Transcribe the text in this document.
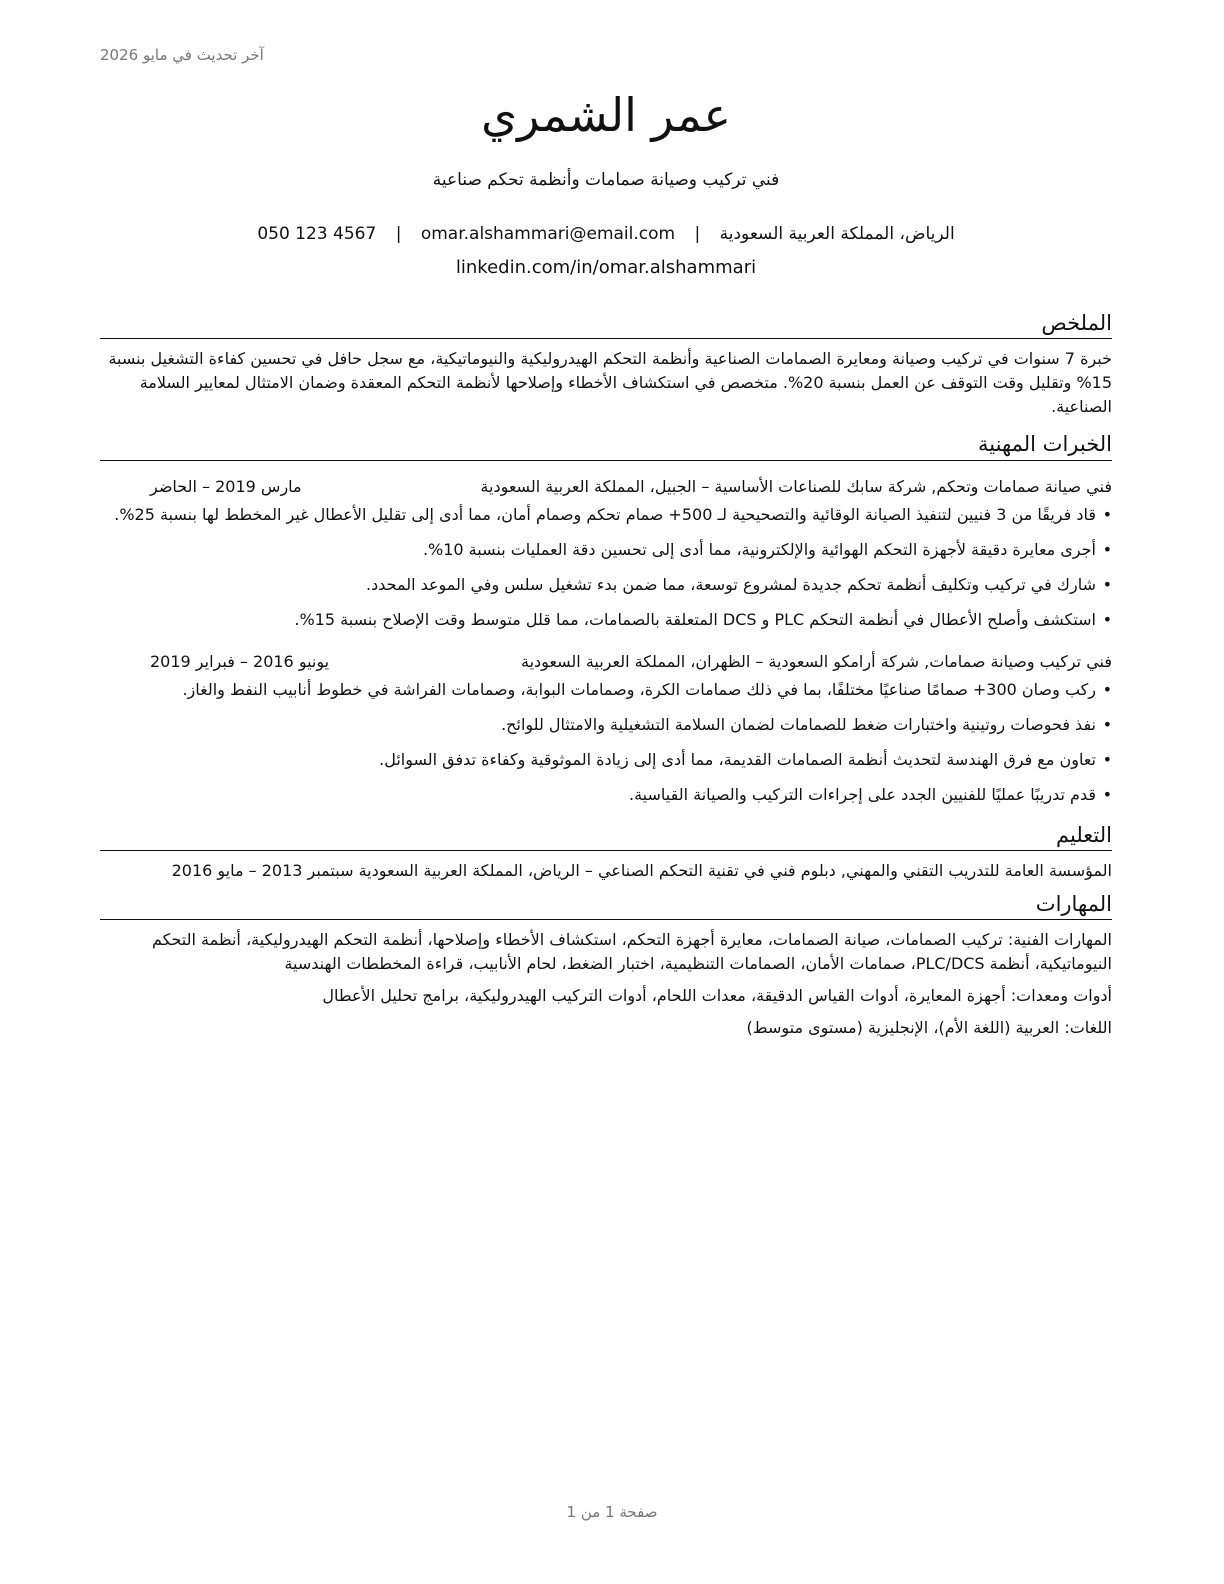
آخر تحديث في مايو 2026
عمر الشمري
فني تركيب وصيانة صمامات وأنظمة تحكم صناعية
الرياض، المملكة العربية السعودية | omar.alshammari@email.com | 050 123 4567
linkedin.com/in/omar.alshammari
الملخص

خبرة 7 سنوات في تركيب وصيانة ومعايرة الصمامات الصناعية وأنظمة التحكم الهيدروليكية والنيوماتيكية، مع سجل حافل في تحسين كفاءة التشغيل بنسبة 15% وتقليل وقت التوقف عن العمل بنسبة 20%. متخصص في استكشاف الأخطاء وإصلاحها لأنظمة التحكم المعقدة وضمان الامتثال لمعايير السلامة الصناعية.

الخبرات المهنية
فني صيانة صمامات وتحكم, شركة سابك للصناعات الأساسية – الجبيل، المملكة العربية السعودية
مارس 2019 – الحاضر
•
قاد فريقًا من 3 فنيين لتنفيذ الصيانة الوقائية والتصحيحية لـ 500+ صمام تحكم وصمام أمان، مما أدى إلى تقليل الأعطال غير المخطط لها بنسبة 25%.
•
أجرى معايرة دقيقة لأجهزة التحكم الهوائية والإلكترونية، مما أدى إلى تحسين دقة العمليات بنسبة 10%.
•
شارك في تركيب وتكليف أنظمة تحكم جديدة لمشروع توسعة، مما ضمن بدء تشغيل سلس وفي الموعد المحدد.
•
استكشف وأصلح الأعطال في أنظمة التحكم PLC و DCS المتعلقة بالصمامات، مما قلل متوسط وقت الإصلاح بنسبة 15%.
فني تركيب وصيانة صمامات, شركة أرامكو السعودية – الظهران، المملكة العربية السعودية
يونيو 2016 – فبراير 2019
•
ركب وصان 300+ صمامًا صناعيًا مختلفًا، بما في ذلك صمامات الكرة، وصمامات البوابة، وصمامات الفراشة في خطوط أنابيب النفط والغاز.
•
نفذ فحوصات روتينية واختبارات ضغط للصمامات لضمان السلامة التشغيلية والامتثال للوائح.
•
تعاون مع فرق الهندسة لتحديث أنظمة الصمامات القديمة، مما أدى إلى زيادة الموثوقية وكفاءة تدفق السوائل.
•
قدم تدريبًا عمليًا للفنيين الجدد على إجراءات التركيب والصيانة القياسية.
التعليم

المؤسسة العامة للتدريب التقني والمهني, دبلوم فني في تقنية التحكم الصناعي – الرياض، المملكة العربية السعودية سبتمبر 2013 – مايو 2016

المهارات

المهارات الفنية: تركيب الصمامات، صيانة الصمامات، معايرة أجهزة التحكم، استكشاف الأخطاء وإصلاحها، أنظمة التحكم الهيدروليكية، أنظمة التحكم النيوماتيكية، أنظمة PLC/DCS، صمامات الأمان، الصمامات التنظيمية، اختبار الضغط، لحام الأنابيب، قراءة المخططات الهندسية

أدوات ومعدات: أجهزة المعايرة، أدوات القياس الدقيقة، معدات اللحام، أدوات التركيب الهيدروليكية، برامج تحليل الأعطال

اللغات: العربية (اللغة الأم)، الإنجليزية (مستوى متوسط)

صفحة 1 من 1
